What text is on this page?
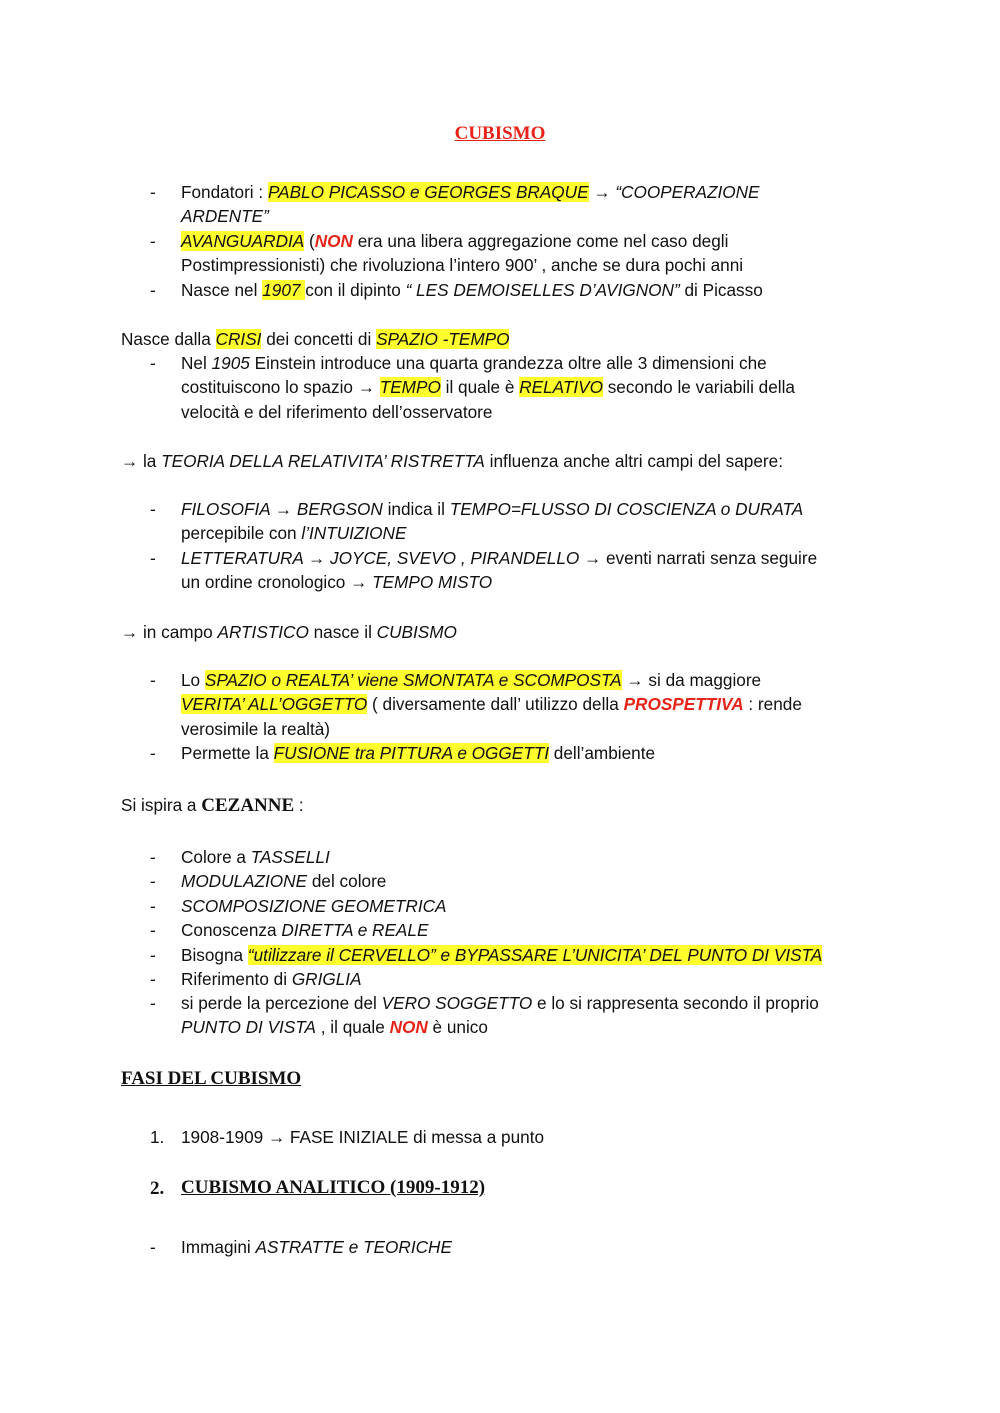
CUBISMO
- Fondatori : PABLO PICASSO e GEORGES BRAQUE → “COOPERAZIONE
ARDENTE”
- AVANGUARDIA (NON era una libera aggregazione come nel caso degli
Postimpressionisti) che rivoluziona l’intero 900’ , anche se dura pochi anni
- Nasce nel 1907 con il dipinto “ LES DEMOISELLES D’AVIGNON” di Picasso
Nasce dalla CRISI dei concetti di SPAZIO -TEMPO
- Nel 1905 Einstein introduce una quarta grandezza oltre alle 3 dimensioni che
costituiscono lo spazio → TEMPO il quale è RELATIVO secondo le variabili della
velocità e del riferimento dell’osservatore
→ la TEORIA DELLA RELATIVITA’ RISTRETTA influenza anche altri campi del sapere:
- FILOSOFIA → BERGSON indica il TEMPO=FLUSSO DI COSCIENZA o DURATA
percepibile con l’INTUIZIONE
- LETTERATURA → JOYCE, SVEVO , PIRANDELLO → eventi narrati senza seguire
un ordine cronologico → TEMPO MISTO
→ in campo ARTISTICO nasce il CUBISMO
- Lo SPAZIO o REALTA’ viene SMONTATA e SCOMPOSTA → si da maggiore
VERITA’ ALL’OGGETTO ( diversamente dall’ utilizzo della PROSPETTIVA : rende
verosimile la realtà)
- Permette la FUSIONE tra PITTURA e OGGETTI dell’ambiente
Si ispira a CEZANNE :
- Colore a TASSELLI
- MODULAZIONE del colore
- SCOMPOSIZIONE GEOMETRICA
- Conoscenza DIRETTA e REALE
- Bisogna “utilizzare il CERVELLO” e BYPASSARE L’UNICITA’ DEL PUNTO DI VISTA
- Riferimento di GRIGLIA
- si perde la percezione del VERO SOGGETTO e lo si rappresenta secondo il proprio
PUNTO DI VISTA , il quale NON è unico
FASI DEL CUBISMO
1. 1908-1909 → FASE INIZIALE di messa a punto
2. CUBISMO ANALITICO (1909-1912)
- Immagini ASTRATTE e TEORICHE
